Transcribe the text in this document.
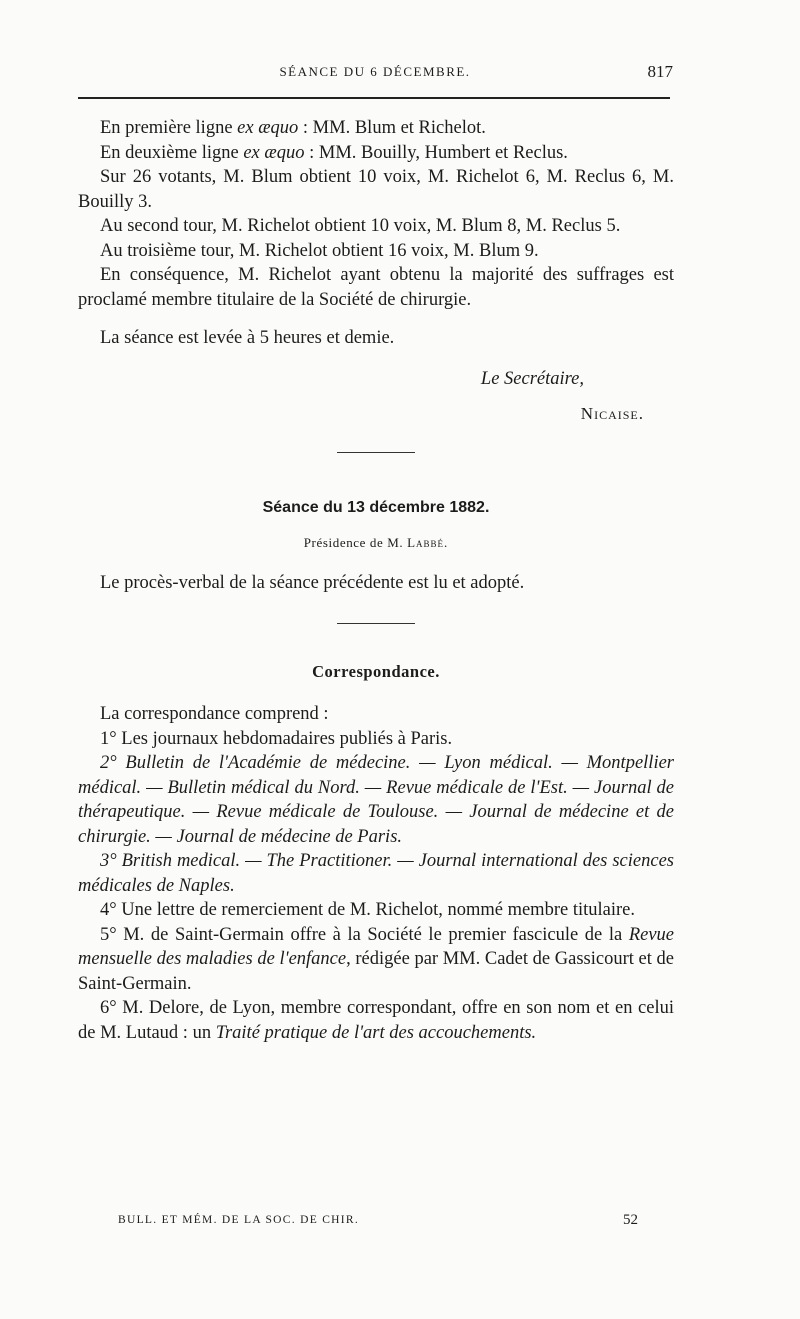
SÉANCE DU 6 DÉCEMBRE.	817

En première ligne ex æquo : MM. Blum et Richelot.

En deuxième ligne ex æquo : MM. Bouilly, Humbert et Reclus.

Sur 26 votants, M. Blum obtient 10 voix, M. Richelot 6, M. Reclus 6, M. Bouilly 3.

Au second tour, M. Richelot obtient 10 voix, M. Blum 8, M. Reclus 5.

Au troisième tour, M. Richelot obtient 16 voix, M. Blum 9.

En conséquence, M. Richelot ayant obtenu la majorité des suffrages est proclamé membre titulaire de la Société de chirurgie.

La séance est levée à 5 heures et demie.

Le Secrétaire,
Nicaise.
Séance du 13 décembre 1882.
Présidence de M. Labbé.

Le procès-verbal de la séance précédente est lu et adopté.

Correspondance.

La correspondance comprend :

1° Les journaux hebdomadaires publiés à Paris.

2° Bulletin de l'Académie de médecine. — Lyon médical. — Montpellier médical. — Bulletin médical du Nord. — Revue médicale de l'Est. — Journal de thérapeutique. — Revue médicale de Toulouse. — Journal de médecine et de chirurgie. — Journal de médecine de Paris.

3° British medical. — The Practitioner. — Journal international des sciences médicales de Naples.

4° Une lettre de remerciement de M. Richelot, nommé membre titulaire.

5° M. de Saint-Germain offre à la Société le premier fascicule de la Revue mensuelle des maladies de l'enfance, rédigée par MM. Cadet de Gassicourt et de Saint-Germain.

6° M. Delore, de Lyon, membre correspondant, offre en son nom et en celui de M. Lutaud : un Traité pratique de l'art des accouchements.

BULL. ET MÉM. DE LA SOC. DE CHIR.	52
